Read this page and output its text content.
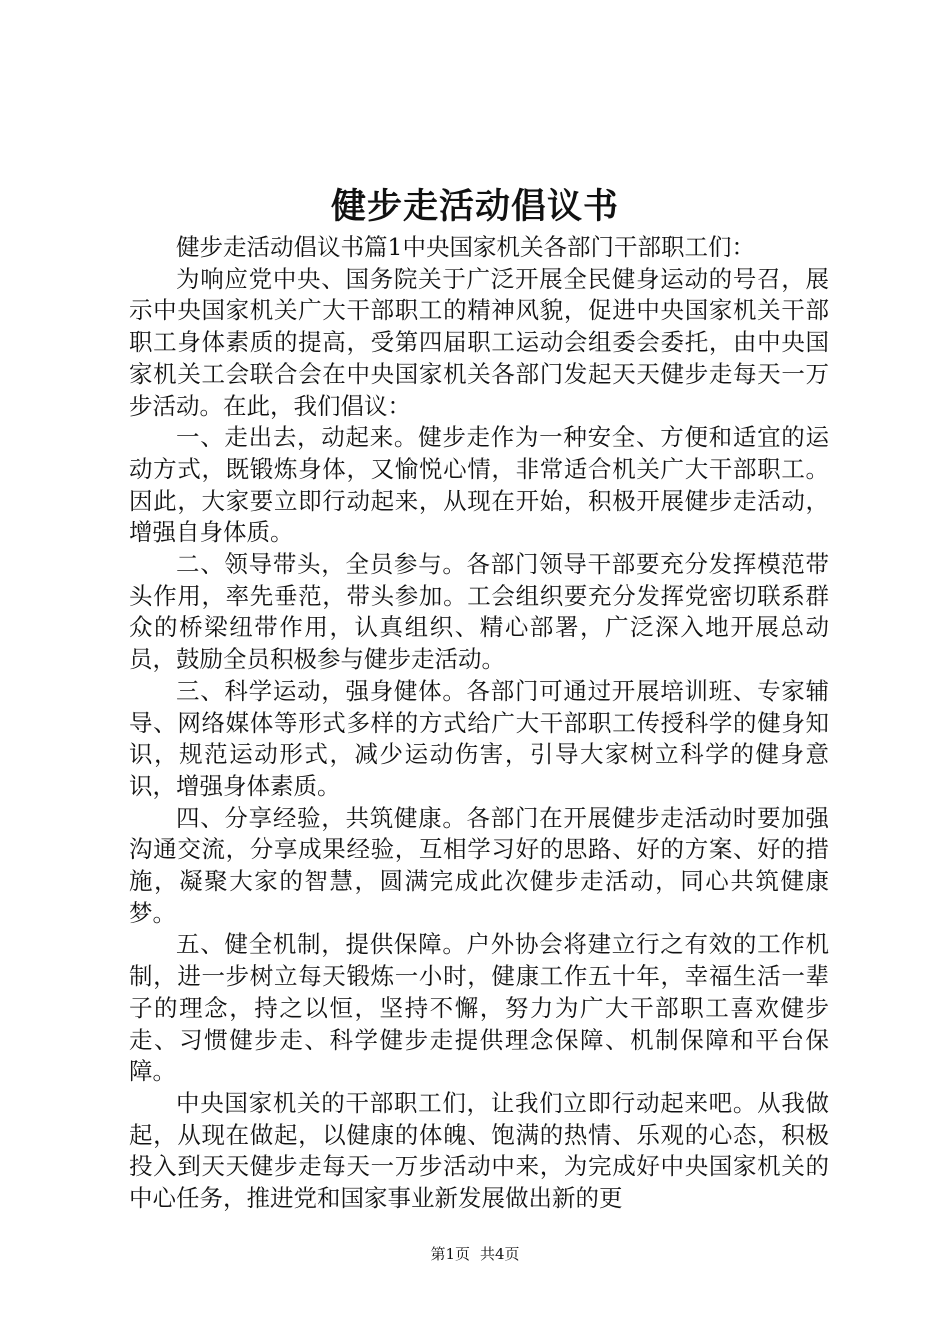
健步走活动倡议书

健步走活动倡议书篇1中央国家机关各部门干部职工们：

为响应党中央、国务院关于广泛开展全民健身运动的号召，展示中央国家机关广大干部职工的精神风貌，促进中央国家机关干部职工身体素质的提高，受第四届职工运动会组委会委托，由中央国家机关工会联合会在中央国家机关各部门发起天天健步走每天一万步活动。在此，我们倡议：

一、走出去，动起来。健步走作为一种安全、方便和适宜的运动方式，既锻炼身体，又愉悦心情，非常适合机关广大干部职工。因此，大家要立即行动起来，从现在开始，积极开展健步走活动，增强自身体质。

二、领导带头，全员参与。各部门领导干部要充分发挥模范带头作用，率先垂范，带头参加。工会组织要充分发挥党密切联系群众的桥梁纽带作用，认真组织、精心部署，广泛深入地开展总动员，鼓励全员积极参与健步走活动。

三、科学运动，强身健体。各部门可通过开展培训班、专家辅导、网络媒体等形式多样的方式给广大干部职工传授科学的健身知识，规范运动形式，减少运动伤害，引导大家树立科学的健身意识，增强身体素质。

四、分享经验，共筑健康。各部门在开展健步走活动时要加强沟通交流，分享成果经验，互相学习好的思路、好的方案、好的措施，凝聚大家的智慧，圆满完成此次健步走活动，同心共筑健康梦。

五、健全机制，提供保障。户外协会将建立行之有效的工作机制，进一步树立每天锻炼一小时，健康工作五十年，幸福生活一辈子的理念，持之以恒，坚持不懈，努力为广大干部职工喜欢健步走、习惯健步走、科学健步走提供理念保障、机制保障和平台保障。

中央国家机关的干部职工们，让我们立即行动起来吧。从我做起，从现在做起，以健康的体魄、饱满的热情、乐观的心态，积极投入到天天健步走每天一万步活动中来，为完成好中央国家机关的中心任务，推进党和国家事业新发展做出新的更

第1页 共4页
